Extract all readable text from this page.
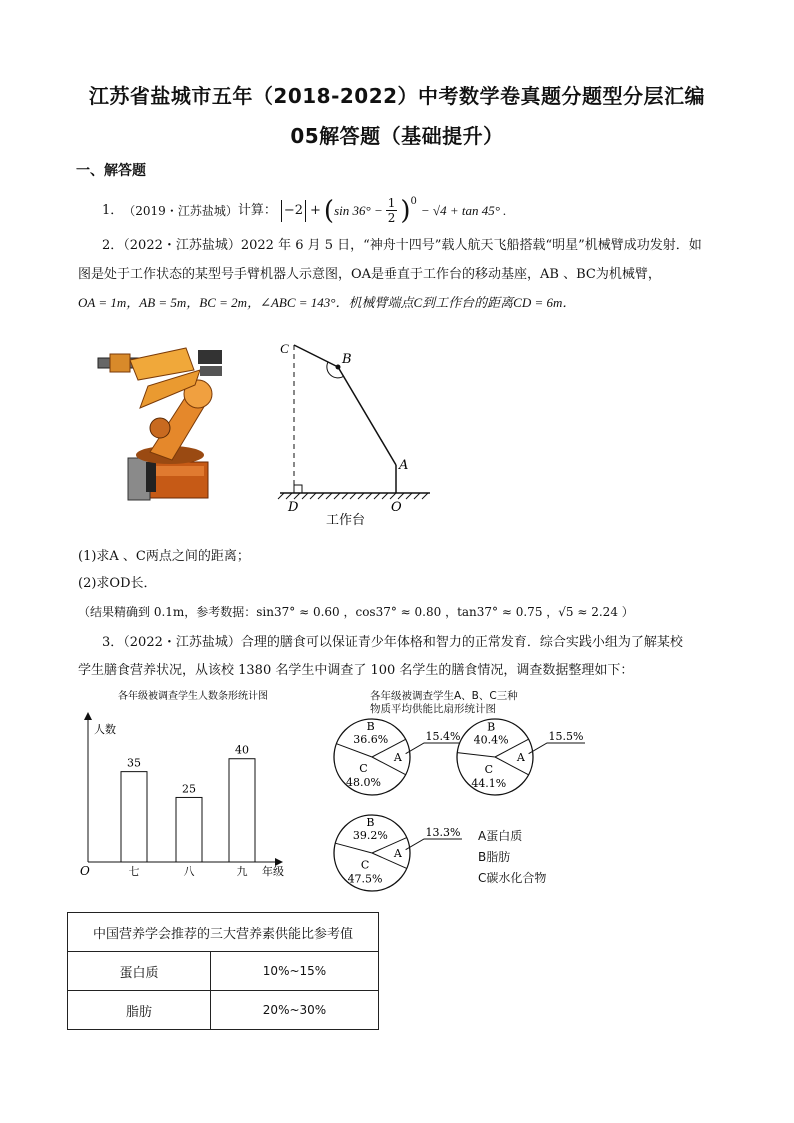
江苏省盐城市五年（2018-2022）中考数学卷真题分题型分层汇编
05解答题（基础提升）
一、解答题
1． （2019・江苏盐城） 计算： −2 + ( $\sin 36^\circ - \frac{1}{2} )^0$
− √4 + tan 45° .
2．（2022・江苏盐城）2022 年 6 月 5 日，“神舟十四号”载人航天飞船搭载“明星”机械臂成功发射．如
图是处于工作状态的某型号手臂机器人示意图，OA是垂直于工作台的移动基座，AB 、BC为机械臂，
OA = 1m，AB = 5m，BC = 2m，∠ABC = 143°．机械臂端点C到工作台的距离CD = 6m．
C
B
A
D	O
工作台
(1)求A 、C两点之间的距离；
(2)求OD长．
（结果精确到 0.1m，参考数据：sin37° ≈ 0.60 ，cos37° ≈ 0.80 ，tan37° ≈ 0.75 ，√5 ≈ 2.24 ）
3．（2022・江苏盐城）合理的膳食可以保证青少年体格和智力的正常发育．综合实践小组为了解某校
学生膳食营养状况，从该校 1380 名学生中调查了 100 名学生的膳食情况，调查数据整理如下：
各年级被调查学生人数条形统计图
人数
年级
O
35
七
25
八
40
九
各年级被调查学生A、B、C三种
物质平均供能比扇形统计图
B
36.6%
C
48.0%
A
15.4%
B
40.4%
C
44.1%
A
15.5%
B
39.2%
C
47.5%
A
13.3% A蛋白质
B脂肪
C碳水化合物
中国营养学会推荐的三大营养素供能比参考值	
蛋白质	10%~15%
脂肪	20%~30%
